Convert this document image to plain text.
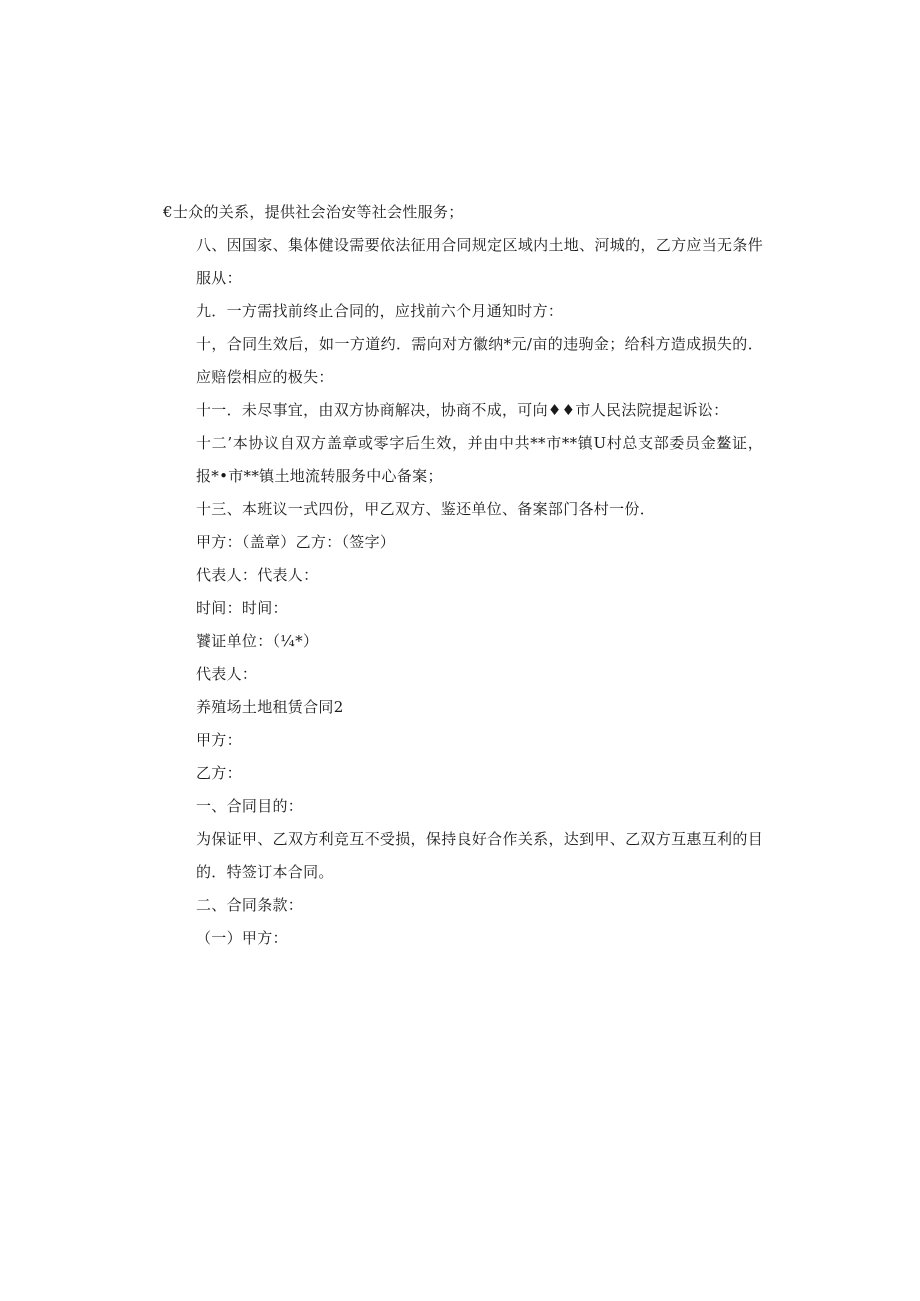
€士众的关系，提供社会治安等社会性服务；
八、因国家、集体健设需要依法征用合同规定区域内土地、河城的，乙方应当无条件服从：
九．一方需找前终止合同的，应找前六个月通知时方：
十，合同生效后，如一方道约．需向对方徽纳*元/亩的违驹金；给科方造成损失的．应赔偿相应的极失：
十一．未尽事宜，由双方协商解决，协商不成，可向♦♦市人民法院提起诉讼：
十二’本协议自双方盖章或零字后生效，并由中共**市**镇U村总支部委员金鳌证，报*•市**镇土地流转服务中心备案；
十三、本班议一式四份，甲乙双方、鉴还单位、备案部门各村一份．
甲方：（盖章）乙方：（签字）
代表人：代表人：
时间：时间：
饕证单位：（¼*）
代表人：
养殖场土地租赁合同2
甲方：
乙方：
一、合同目的：
为保证甲、乙双方利竞互不受损，保持良好合作关系，达到甲、乙双方互惠互利的目的．特签订本合同。
二、合同条款：
（一）甲方：
